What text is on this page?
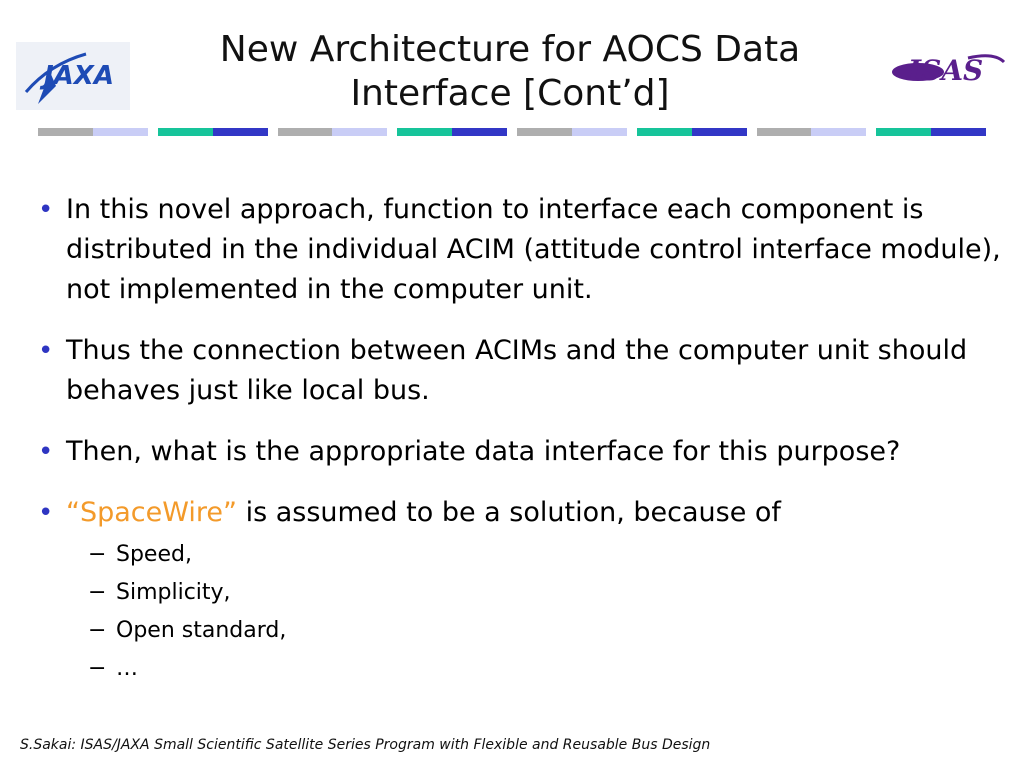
JAXA	ISAS
New Architecture for AOCS Data
Interface [Cont’d]
• In this novel approach, function to interface each component is distributed in the individual ACIM (attitude control interface module), not implemented in the computer unit.
• Thus the connection between ACIMs and the computer unit should behaves just like local bus.
• Then, what is the appropriate data interface for this purpose?
• “SpaceWire” is assumed to be a solution, because of
− Speed,
− Simplicity,
− Open standard,
− …
S.Sakai: ISAS/JAXA Small Scientific Satellite Series Program with Flexible and Reusable Bus Design
